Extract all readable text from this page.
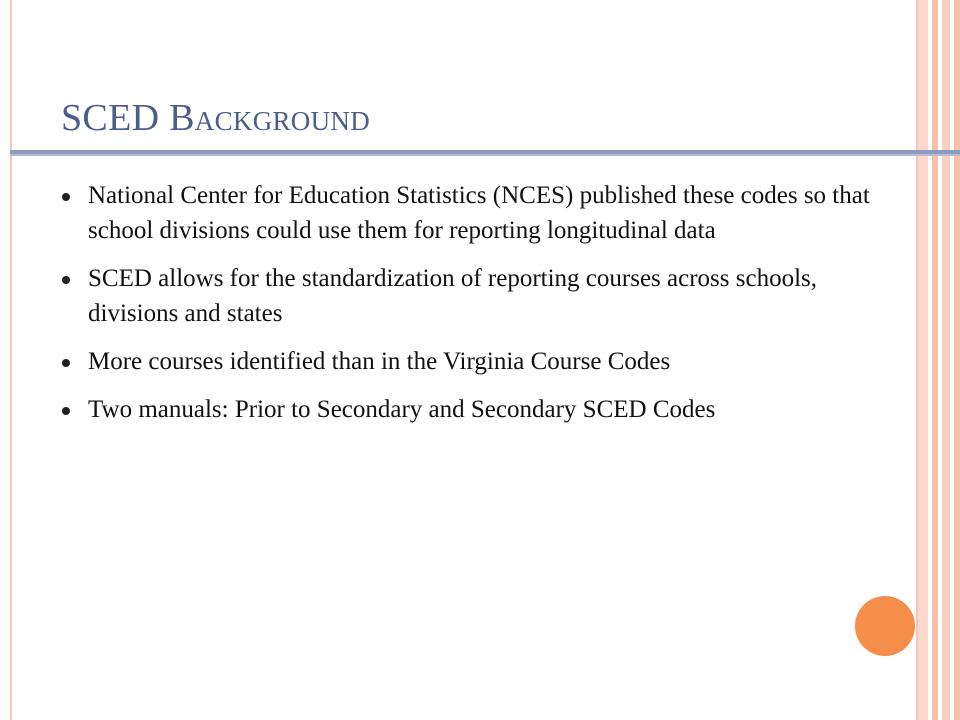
SCED Background
National Center for Education Statistics (NCES) published these codes so that school divisions could use them for reporting longitudinal data
SCED allows for the standardization of reporting courses across schools, divisions and states
More courses identified than in the Virginia Course Codes
Two manuals: Prior to Secondary and Secondary SCED Codes
